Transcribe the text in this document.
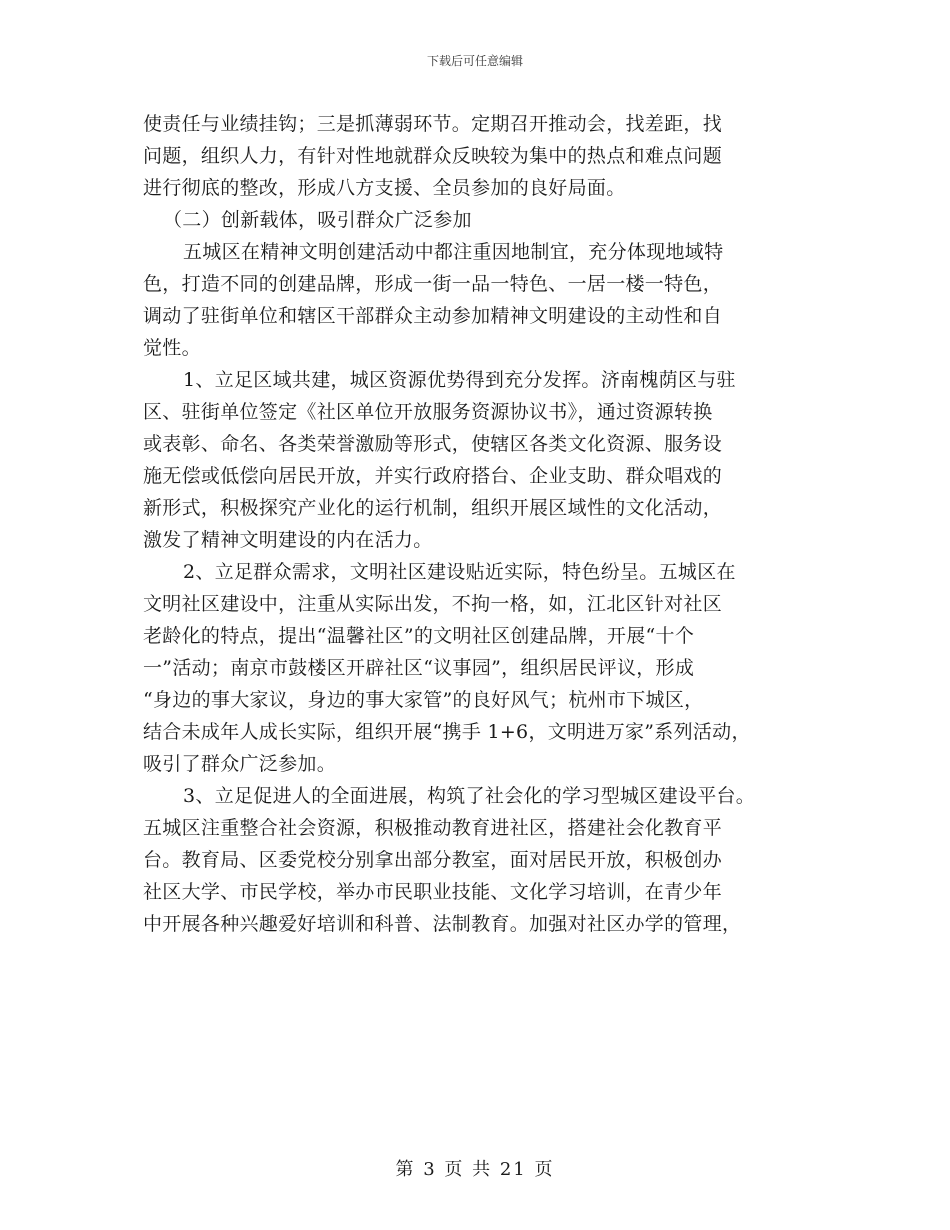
下载后可任意编辑

使责任与业绩挂钩；三是抓薄弱环节。定期召开推动会，找差距，找
问题，组织人力，有针对性地就群众反映较为集中的热点和难点问题
进行彻底的整改，形成八方支援、全员参加的良好局面。

（二）创新载体，吸引群众广泛参加

五城区在精神文明创建活动中都注重因地制宜，充分体现地域特
色，打造不同的创建品牌，形成一街一品一特色、一居一楼一特色，
调动了驻街单位和辖区干部群众主动参加精神文明建设的主动性和自
觉性。

1、立足区域共建，城区资源优势得到充分发挥。济南槐荫区与驻
区、驻街单位签定《社区单位开放服务资源协议书》，通过资源转换
或表彰、命名、各类荣誉激励等形式，使辖区各类文化资源、服务设
施无偿或低偿向居民开放，并实行政府搭台、企业支助、群众唱戏的
新形式，积极探究产业化的运行机制，组织开展区域性的文化活动，
激发了精神文明建设的内在活力。

2、立足群众需求，文明社区建设贴近实际，特色纷呈。五城区在
文明社区建设中，注重从实际出发，不拘一格，如，江北区针对社区
老龄化的特点，提出“温馨社区”的文明社区创建品牌，开展“十个
一”活动；南京市鼓楼区开辟社区“议事园”，组织居民评议，形成
“身边的事大家议，身边的事大家管”的良好风气；杭州市下城区，
结合未成年人成长实际，组织开展“携手 1+6，文明进万家”系列活动，
吸引了群众广泛参加。

3、立足促进人的全面进展，构筑了社会化的学习型城区建设平台。
五城区注重整合社会资源，积极推动教育进社区，搭建社会化教育平
台。教育局、区委党校分别拿出部分教室，面对居民开放，积极创办
社区大学、市民学校，举办市民职业技能、文化学习培训，在青少年
中开展各种兴趣爱好培训和科普、法制教育。加强对社区办学的管理，

第 3 页 共 21 页
